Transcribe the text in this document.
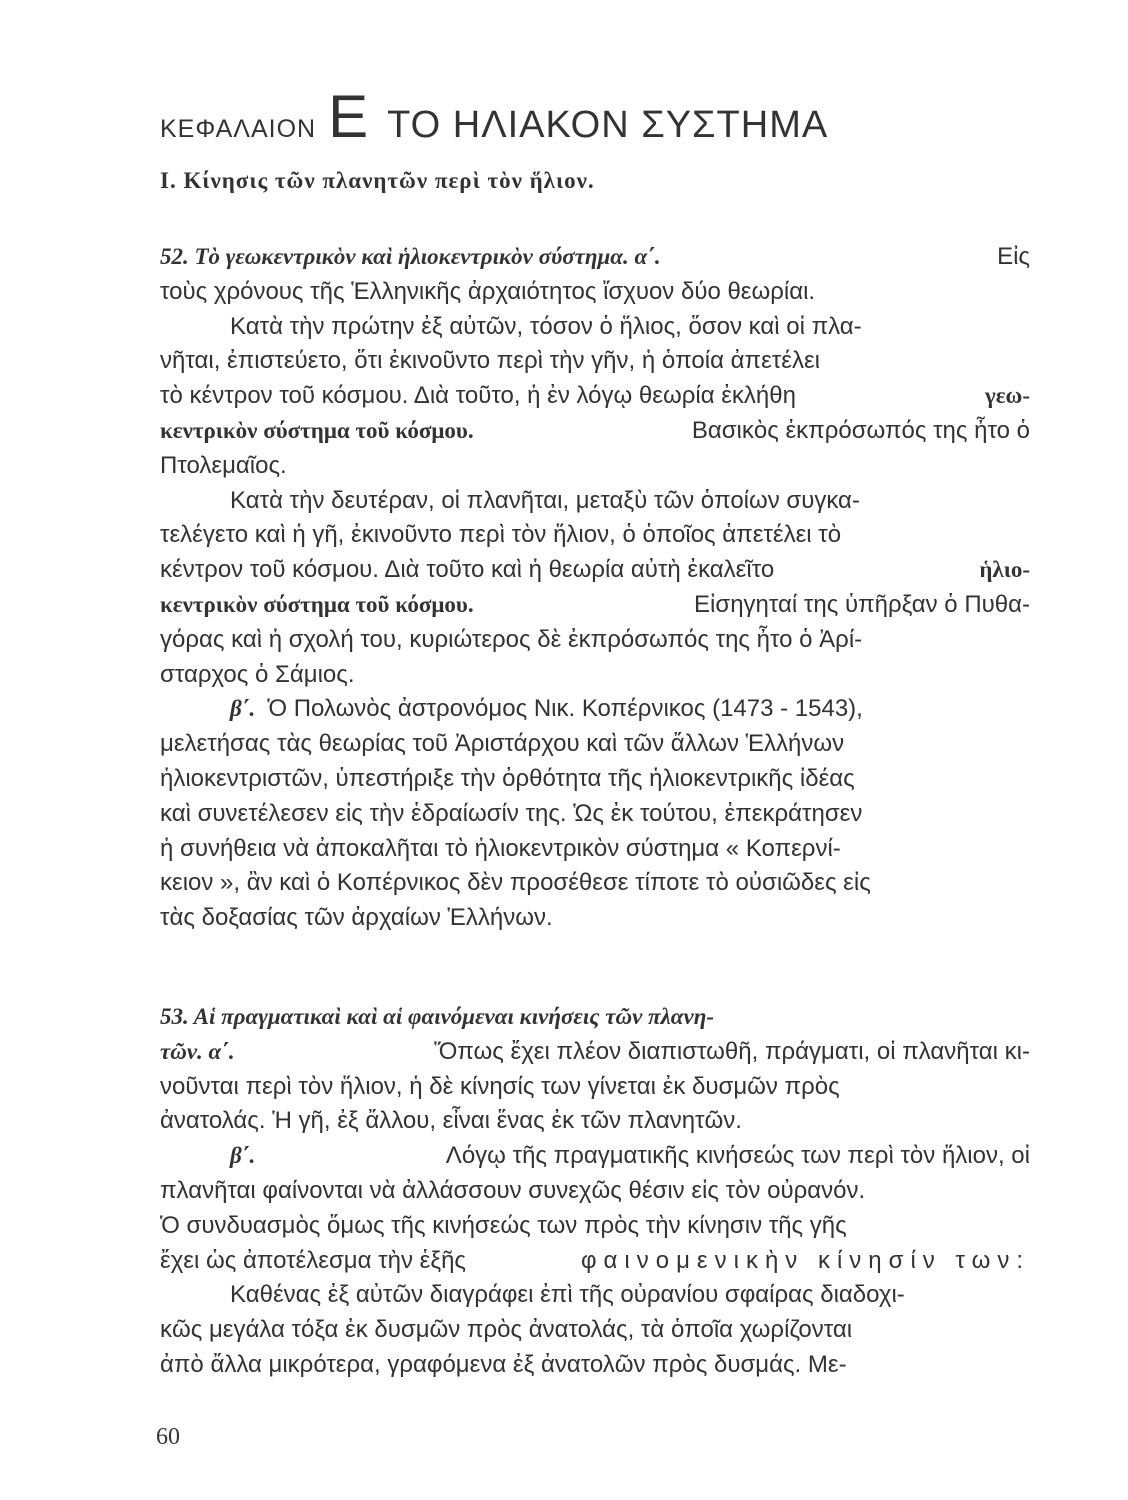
ΚΕΦΑΛΑΙΟΝ Ε ΤΟ ΗΛΙΑΚΟΝ ΣΥΣΤΗΜΑ
Ι. Κίνησις τῶν πλανητῶν περὶ τὸν ἥλιον.
52. Τὸ γεωκεντρικὸν καὶ ἡλιοκεντρικὸν σύστημα. α΄.	Εἰς
τοὺς χρόνους τῆς Ἑλληνικῆς ἀρχαιότητος ἴσχυον δύο θεωρίαι.
Κατὰ τὴν πρώτην ἐξ αὐτῶν, τόσον ὁ ἥλιος, ὅσον καὶ οἱ πλα-
νῆται, ἐπιστεύετο, ὅτι ἐκινοῦντο περὶ τὴν γῆν, ἡ ὁποία ἀπετέλει
τὸ κέντρον τοῦ κόσμου. Διὰ τοῦτο, ἡ ἐν λόγῳ θεωρία ἐκλήθη	γεω-
κεντρικὸν σύστημα τοῦ κόσμου.	Βασικὸς ἐκπρόσωπός της ἦτο ὁ
Πτολεμαῖος.
Κατὰ τὴν δευτέραν, οἱ πλανῆται, μεταξὺ τῶν ὁποίων συγκα-
τελέγετο καὶ ἡ γῆ, ἐκινοῦντο περὶ τὸν ἥλιον, ὁ ὁποῖος ἀπετέλει τὸ
κέντρον τοῦ κόσμου. Διὰ τοῦτο καὶ ἡ θεωρία αὐτὴ ἐκαλεῖτο	ἡλιο-
κεντρικὸν σύστημα τοῦ κόσμου.	Εἰσηγηταί της ὑπῆρξαν ὁ Πυθα-
γόρας καὶ ἡ σχολή του, κυριώτερος δὲ ἐκπρόσωπός της ἦτο ὁ Ἀρί-
σταρχος ὁ Σάμιος.
β΄. Ὁ Πολωνὸς ἀστρονόμος Νικ. Κοπέρνικος (1473 - 1543),
μελετήσας τὰς θεωρίας τοῦ Ἀριστάρχου καὶ τῶν ἄλλων Ἑλλήνων
ἡλιοκεντριστῶν, ὑπεστήριξε τὴν ὀρθότητα τῆς ἡλιοκεντρικῆς ἰδέας
καὶ συνετέλεσεν εἰς τὴν ἑδραίωσίν της. Ὡς ἐκ τούτου, ἐπεκράτησεν
ἡ συνήθεια νὰ ἀποκαλῆται τὸ ἡλιοκεντρικὸν σύστημα « Κοπερνί-
κειον », ἂν καὶ ὁ Κοπέρνικος δὲν προσέθεσε τίποτε τὸ οὐσιῶδες εἰς
τὰς δοξασίας τῶν ἀρχαίων Ἑλλήνων.
53. Αἱ πραγματικαὶ καὶ αἱ φαινόμεναι κινήσεις τῶν πλανη-
τῶν. α΄.	Ὅπως ἔχει πλέον διαπιστωθῆ, πράγματι, οἱ πλανῆται κι-
νοῦνται περὶ τὸν ἥλιον, ἡ δὲ κίνησίς των γίνεται ἐκ δυσμῶν πρὸς
ἀνατολάς. Ἡ γῆ, ἐξ ἄλλου, εἶναι ἕνας ἐκ τῶν πλανητῶν.
β΄.	Λόγῳ τῆς πραγματικῆς κινήσεώς των περὶ τὸν ἥλιον, οἱ
πλανῆται φαίνονται νὰ ἀλλάσσουν συνεχῶς θέσιν εἰς τὸν οὐρανόν.
Ὁ συνδυασμὸς ὅμως τῆς κινήσεώς των πρὸς τὴν κίνησιν τῆς γῆς
ἔχει ὡς ἀποτέλεσμα τὴν ἑξῆς	φαινομενικὴν κίνησίν των:
Καθένας ἐξ αὐτῶν διαγράφει ἐπὶ τῆς οὐρανίου σφαίρας διαδοχι-
κῶς μεγάλα τόξα ἐκ δυσμῶν πρὸς ἀνατολάς, τὰ ὁποῖα χωρίζονται
ἀπὸ ἄλλα μικρότερα, γραφόμενα ἐξ ἀνατολῶν πρὸς δυσμάς. Με-
60
